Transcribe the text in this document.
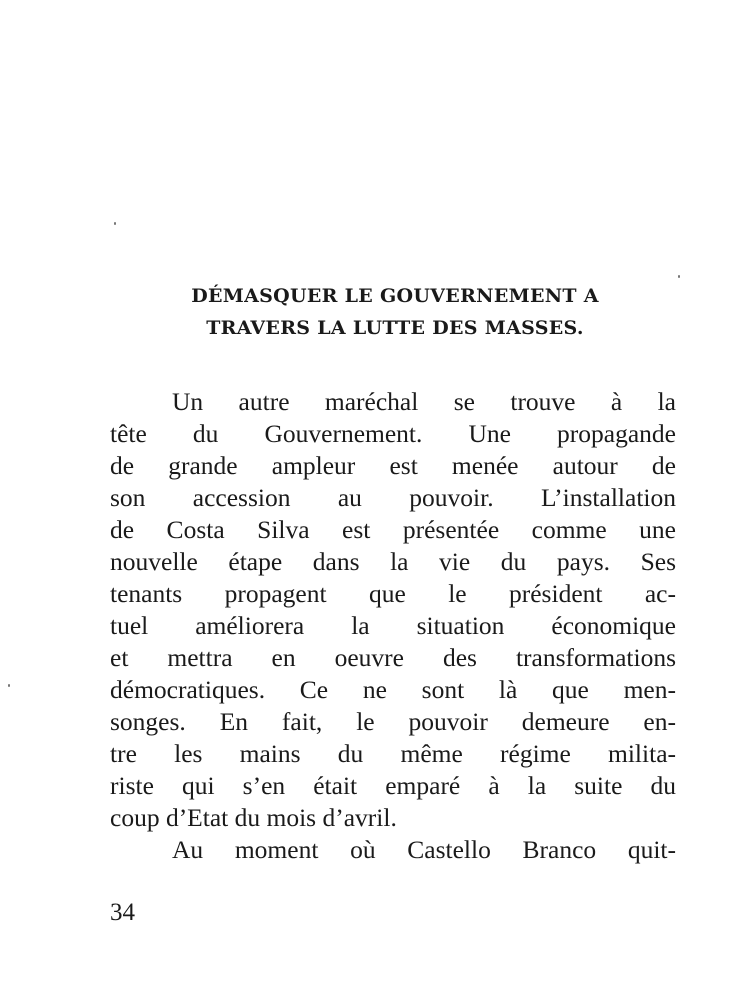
DÉMASQUER LE GOUVERNEMENT A
TRAVERS LA LUTTE DES MASSES.
Un autre maréchal se trouve à la
tête du Gouvernement. Une propagande
de grande ampleur est menée autour de
son accession au pouvoir. L’installation
de Costa Silva est présentée comme une
nouvelle étape dans la vie du pays. Ses
tenants propagent que le président ac-
tuel améliorera la situation économique
et mettra en oeuvre des transformations
démocratiques. Ce ne sont là que men-
songes. En fait, le pouvoir demeure en-
tre les mains du même régime milita-
riste qui s’en était emparé à la suite du
coup d’Etat du mois d’avril.
Au moment où Castello Branco quit-
34
